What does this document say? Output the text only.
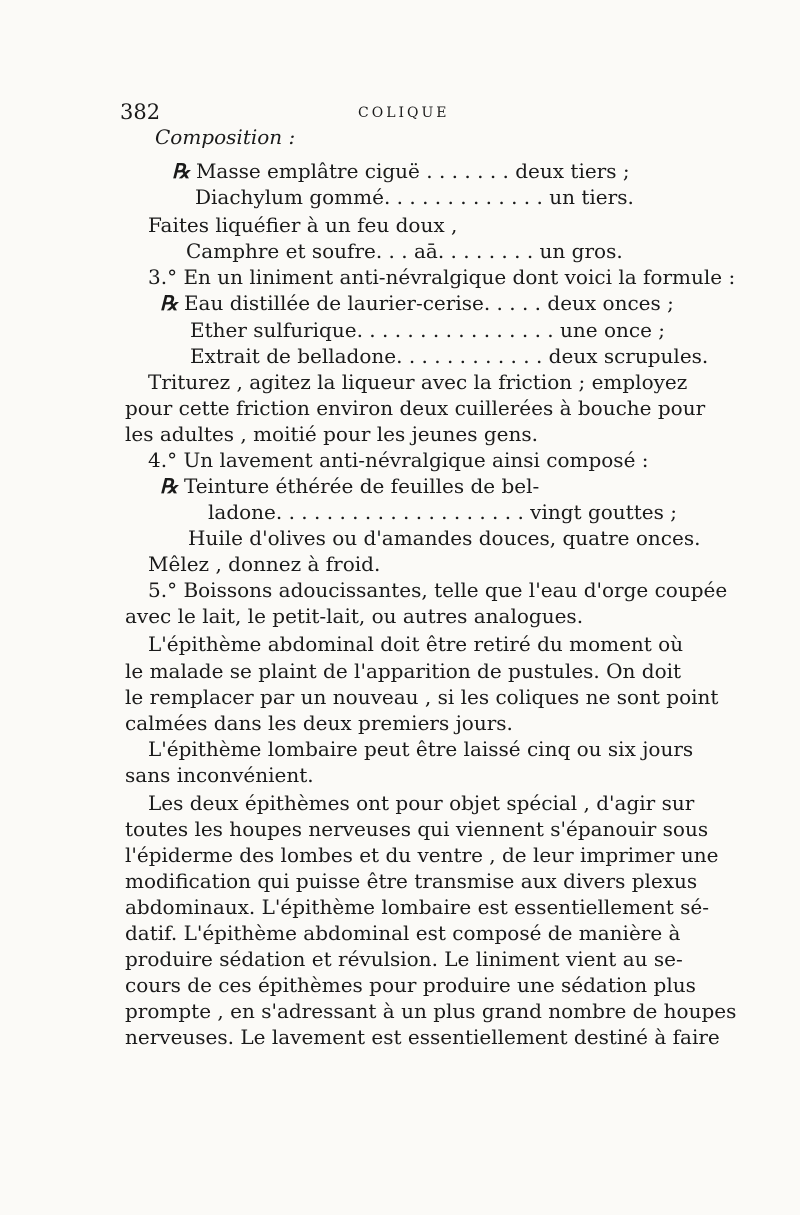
382	COLIQUE
Composition :
℞ Masse emplâtre ciguë . . . . . . . deux tiers ;
Diachylum gommé. . . . . . . . . . . . . un tiers.
Faites liquéfier à un feu doux ,
Camphre et soufre. . . aā. . . . . . . . un gros.
3.° En un liniment anti-névralgique dont voici la formule :
℞ Eau distillée de laurier-cerise. . . . . deux onces ;
Ether sulfurique. . . . . . . . . . . . . . . . une once ;
Extrait de belladone. . . . . . . . . . . . deux scrupules.
Triturez , agitez la liqueur avec la friction ; employez
pour cette friction environ deux cuillerées à bouche pour
les adultes , moitié pour les jeunes gens.
4.° Un lavement anti-névralgique ainsi composé :
℞ Teinture éthérée de feuilles de bel-
ladone. . . . . . . . . . . . . . . . . . . . vingt gouttes ;
Huile d'olives ou d'amandes douces, quatre onces.
Mêlez , donnez à froid.
5.° Boissons adoucissantes, telle que l'eau d'orge coupée
avec le lait, le petit-lait, ou autres analogues.
L'épithème abdominal doit être retiré du moment où
le malade se plaint de l'apparition de pustules. On doit
le remplacer par un nouveau , si les coliques ne sont point
calmées dans les deux premiers jours.
L'épithème lombaire peut être laissé cinq ou six jours
sans inconvénient.
Les deux épithèmes ont pour objet spécial , d'agir sur
toutes les houpes nerveuses qui viennent s'épanouir sous
l'épiderme des lombes et du ventre , de leur imprimer une
modification qui puisse être transmise aux divers plexus
abdominaux. L'épithème lombaire est essentiellement sé-
datif. L'épithème abdominal est composé de manière à
produire sédation et révulsion. Le liniment vient au se-
cours de ces épithèmes pour produire une sédation plus
prompte , en s'adressant à un plus grand nombre de houpes
nerveuses. Le lavement est essentiellement destiné à faire
